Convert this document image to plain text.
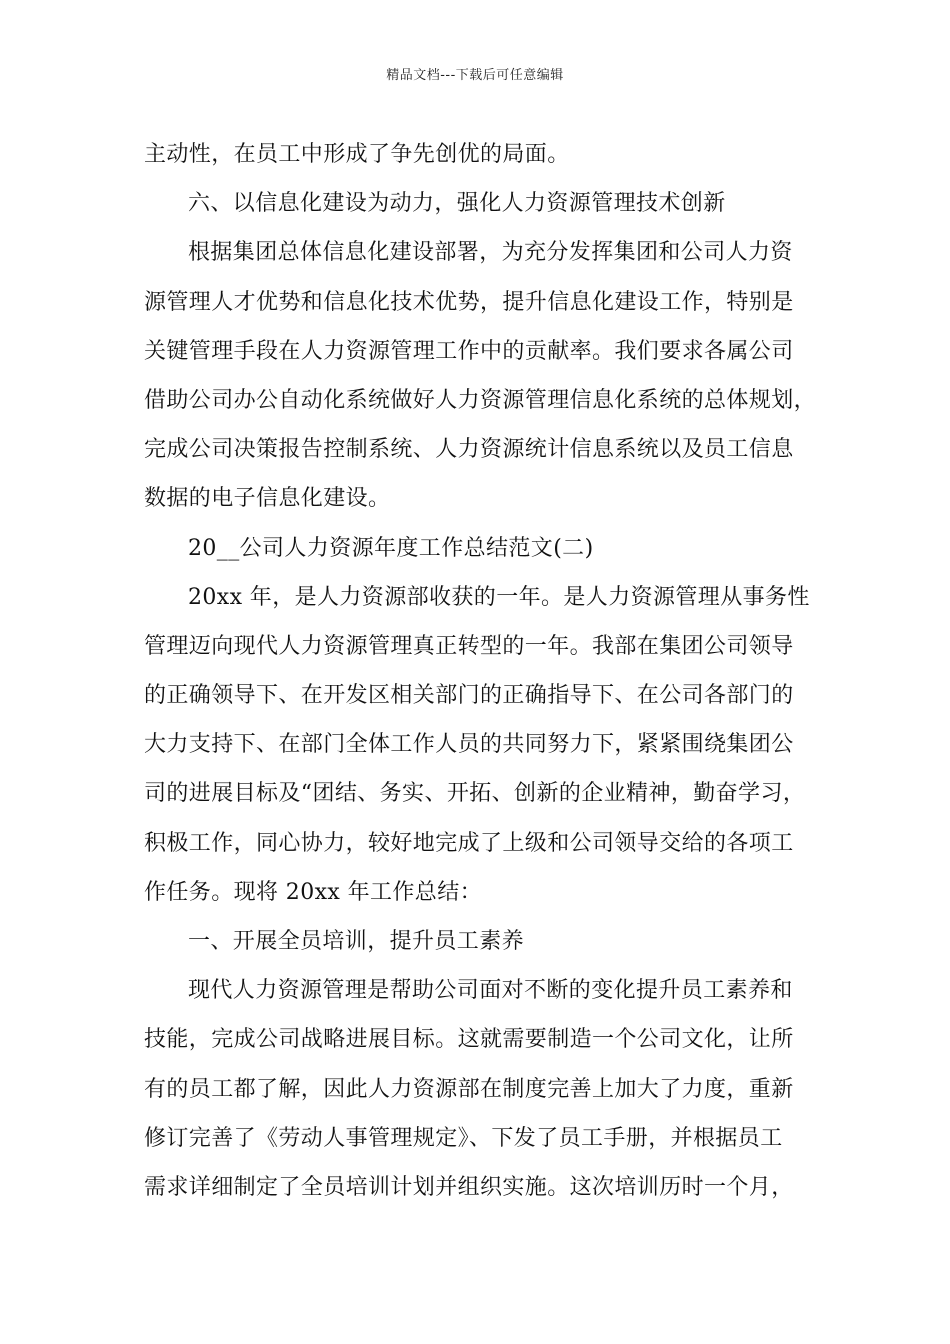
精品文档---下载后可任意编辑
主动性，在员工中形成了争先创优的局面。
六、以信息化建设为动力，强化人力资源管理技术创新
根据集团总体信息化建设部署，为充分发挥集团和公司人力资
源管理人才优势和信息化技术优势，提升信息化建设工作，特别是
关键管理手段在人力资源管理工作中的贡献率。我们要求各属公司
借助公司办公自动化系统做好人力资源管理信息化系统的总体规划，
完成公司决策报告控制系统、人力资源统计信息系统以及员工信息
数据的电子信息化建设。
20__公司人力资源年度工作总结范文(二)
20xx 年，是人力资源部收获的一年。是人力资源管理从事务性
管理迈向现代人力资源管理真正转型的一年。我部在集团公司领导
的正确领导下、在开发区相关部门的正确指导下、在公司各部门的
大力支持下、在部门全体工作人员的共同努力下，紧紧围绕集团公
司的进展目标及“团结、务实、开拓、创新的企业精神，勤奋学习，
积极工作，同心协力，较好地完成了上级和公司领导交给的各项工
作任务。现将 20xx 年工作总结：
一、开展全员培训，提升员工素养
现代人力资源管理是帮助公司面对不断的变化提升员工素养和
技能，完成公司战略进展目标。这就需要制造一个公司文化，让所
有的员工都了解，因此人力资源部在制度完善上加大了力度，重新
修订完善了《劳动人事管理规定》、下发了员工手册，并根据员工
需求详细制定了全员培训计划并组织实施。这次培训历时一个月，
